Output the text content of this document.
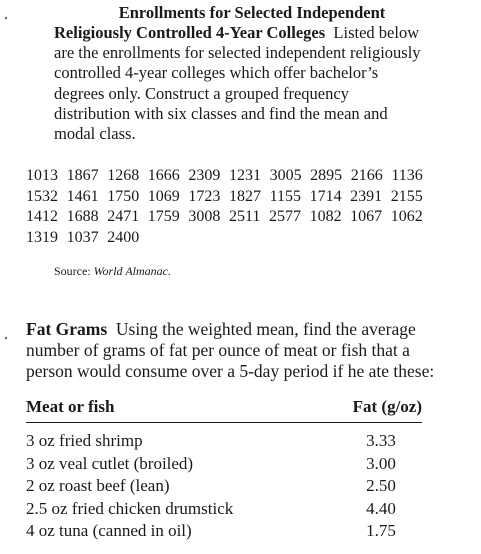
.	Enrollments for Selected Independent
Religiously Controlled 4-Year Colleges Listed below
are the enrollments for selected independent religiously
controlled 4-year colleges which offer bachelor’s
degrees only. Construct a grouped frequency
distribution with six classes and find the mean and
modal class.
1013 1867 1268 1666 2309 1231 3005 2895 2166 1136
1532 1461 1750 1069 1723 1827 1155 1714 2391 2155
1412 1688 2471 1759 3008 2511 2577 1082 1067 1062
1319 1037 2400
Source: World Almanac.
. Fat Grams Using the weighted mean, find the average
number of grams of fat per ounce of meat or fish that a
person would consume over a 5-day period if he ate these:
Meat or fish	Fat (g/oz)
3 oz fried shrimp	3.33
3 oz veal cutlet (broiled)	3.00
2 oz roast beef (lean)	2.50
2.5 oz fried chicken drumstick	4.40
4 oz tuna (canned in oil)	1.75
